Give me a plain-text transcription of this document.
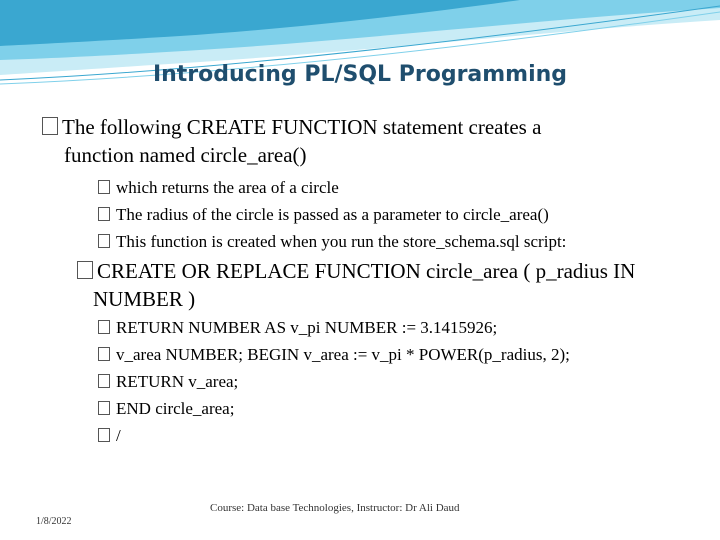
Introducing PL/SQL Programming
The following CREATE FUNCTION statement creates a
function named circle_area()
which returns the area of a circle
The radius of the circle is passed as a parameter to circle_area()
This function is created when you run the store_schema.sql script:
CREATE OR REPLACE FUNCTION circle_area ( p_radius IN
NUMBER )
RETURN NUMBER AS v_pi NUMBER := 3.1415926;
v_area NUMBER; BEGIN v_area := v_pi * POWER(p_radius, 2);
RETURN v_area;
END circle_area;
/
1/8/2022
Course: Data base Technologies, Instructor: Dr Ali Daud
